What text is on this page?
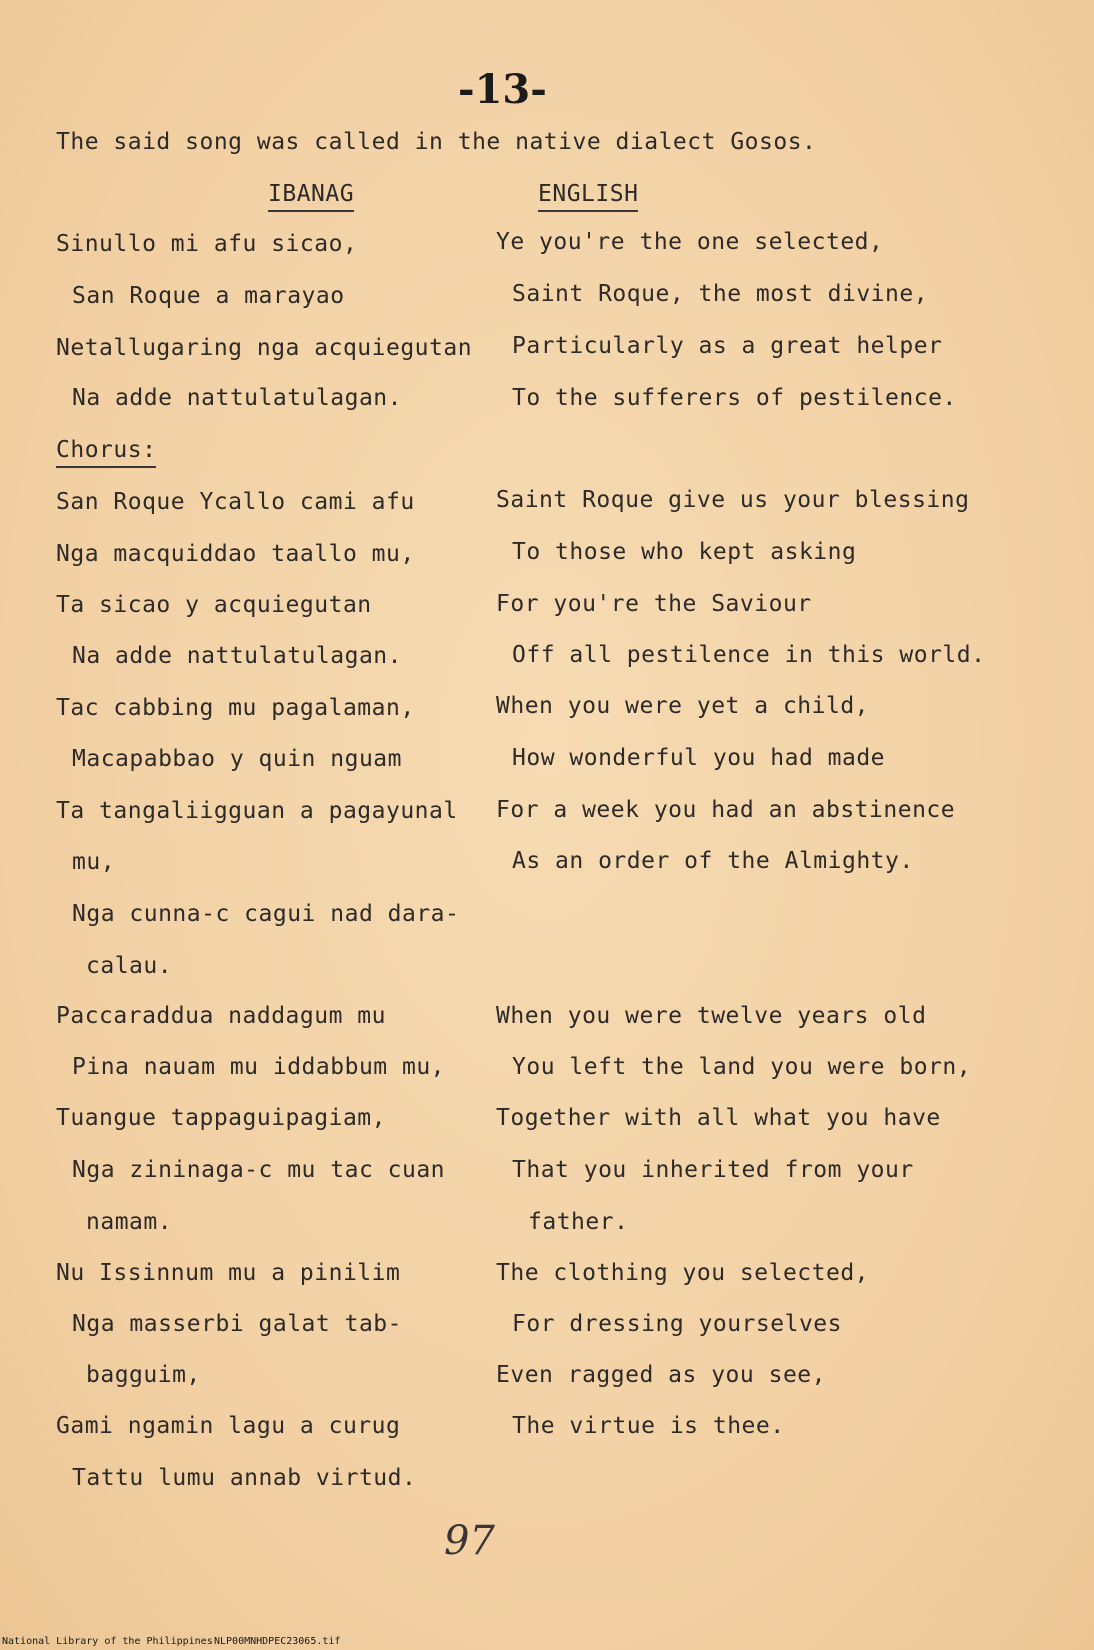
-13-
The said song was called in the native dialect Gosos.
IBANAG	ENGLISH
Sinullo mi afu sicao,
San Roque a marayao
Netallugaring nga acquiegutan
Na adde nattulatulagan.
Ye you're the one selected,
Saint Roque, the most divine,
Particularly as a great helper
To the sufferers of pestilence.
Chorus:
San Roque Ycallo cami afu
Nga macquiddao taallo mu,
Ta sicao y acquiegutan
Na adde nattulatulagan.
Saint Roque give us your blessing
To those who kept asking
For you're the Saviour
Off all pestilence in this world.
Tac cabbing mu pagalaman,
Macapabbao y quin nguam
Ta tangaliigguan a pagayunal
mu,
Nga cunna-c cagui nad dara-
calau.
When you were yet a child,
How wonderful you had made
For a week you had an abstinence
As an order of the Almighty.
Paccaraddua naddagum mu
Pina nauam mu iddabbum mu,
Tuangue tappaguipagiam,
Nga zininaga-c mu tac cuan
namam.
When you were twelve years old
You left the land you were born,
Together with all what you have
That you inherited from your
father.
Nu Issinnum mu a pinilim
Nga masserbi galat tab-
bagguim,
Gami ngamin lagu a curug
Tattu lumu annab virtud.
The clothing you selected,
For dressing yourselves
Even ragged as you see,
The virtue is thee.
97
National Library of the Philippines NLP00MNHDPEC23065.tif
